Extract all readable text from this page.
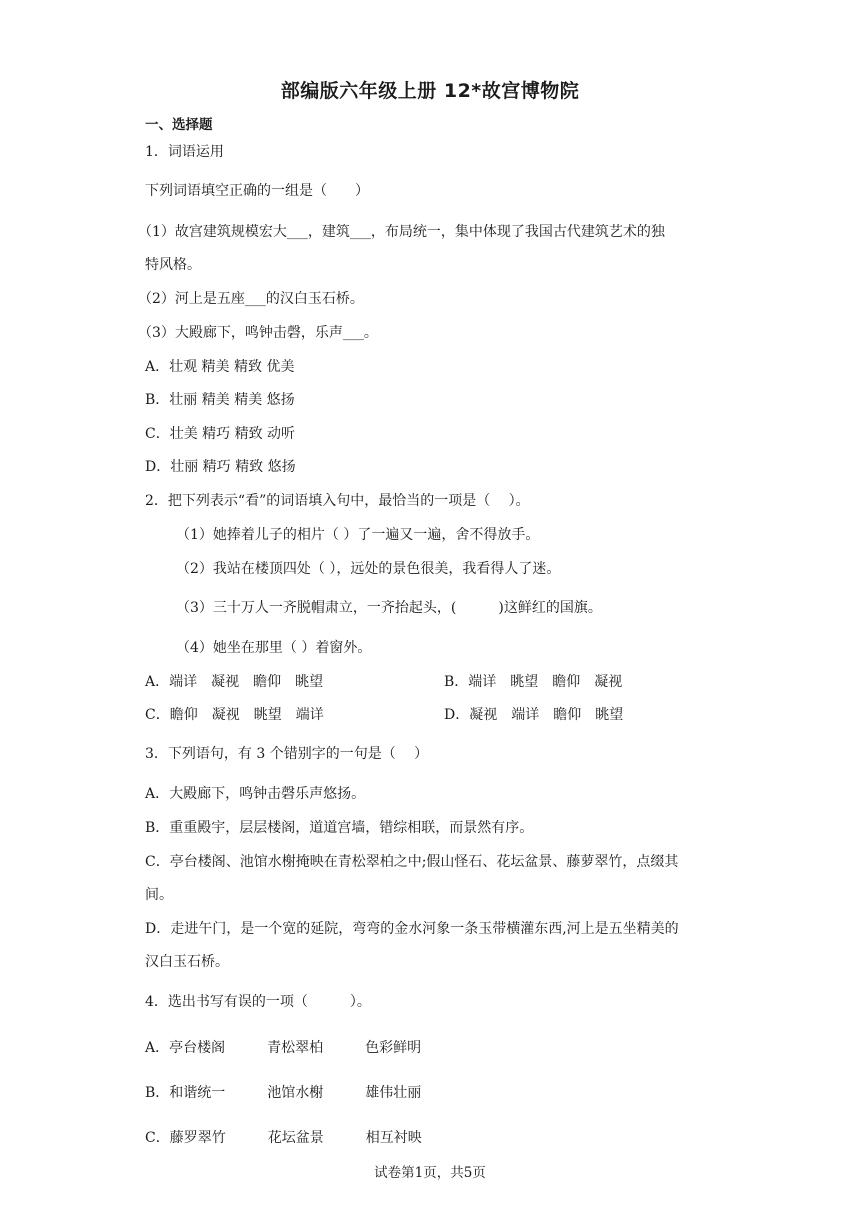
部编版六年级上册 12*故宫博物院
一、选择题
1．词语运用
下列词语填空正确的一组是（　　）
（1）故宫建筑规模宏大___，建筑___，布局统一，集中体现了我国古代建筑艺术的独
特风格。
（2）河上是五座___的汉白玉石桥。
（3）大殿廊下，鸣钟击磬，乐声___。
A．壮观 精美 精致 优美
B．壮丽 精美 精美 悠扬
C．壮美 精巧 精致 动听
D．壮丽 精巧 精致 悠扬
2．把下列表示“看”的词语填入句中，最恰当的一项是（　 ）。
（1）她捧着儿子的相片（ ）了一遍又一遍，舍不得放手。
（2）我站在楼顶四处（ ），远处的景色很美，我看得人了迷。
（3）三十万人一齐脱帽肃立，一齐抬起头，(　　　)这鲜红的国旗。
（4）她坐在那里（ ）着窗外。
A．端详　凝视　瞻仰　眺望	B．端详　眺望　瞻仰　凝视
C．瞻仰　凝视　眺望　端详	D．凝视　端详　瞻仰　眺望
3．下列语句，有 3 个错别字的一句是（　 ）
A．大殿廊下，鸣钟击磬乐声悠扬。
B．重重殿宇，层层楼阁，道道宫墙，错综相联，而景然有序。
C．亭台楼阁、池馆水榭掩映在青松翠柏之中;假山怪石、花坛盆景、藤萝翠竹，点缀其
间。
D．走进午门，是一个宽的延院，弯弯的金水河象一条玉带横灌东西,河上是五坐精美的
汉白玉石桥。
4．选出书写有误的一项（　　　）。
A．亭台楼阁　　　青松翠柏　　　色彩鲜明
B．和谐统一　　　池馆水榭　　　雄伟壮丽
C．藤罗翠竹　　　花坛盆景　　　相互衬映
试卷第1页，共5页
